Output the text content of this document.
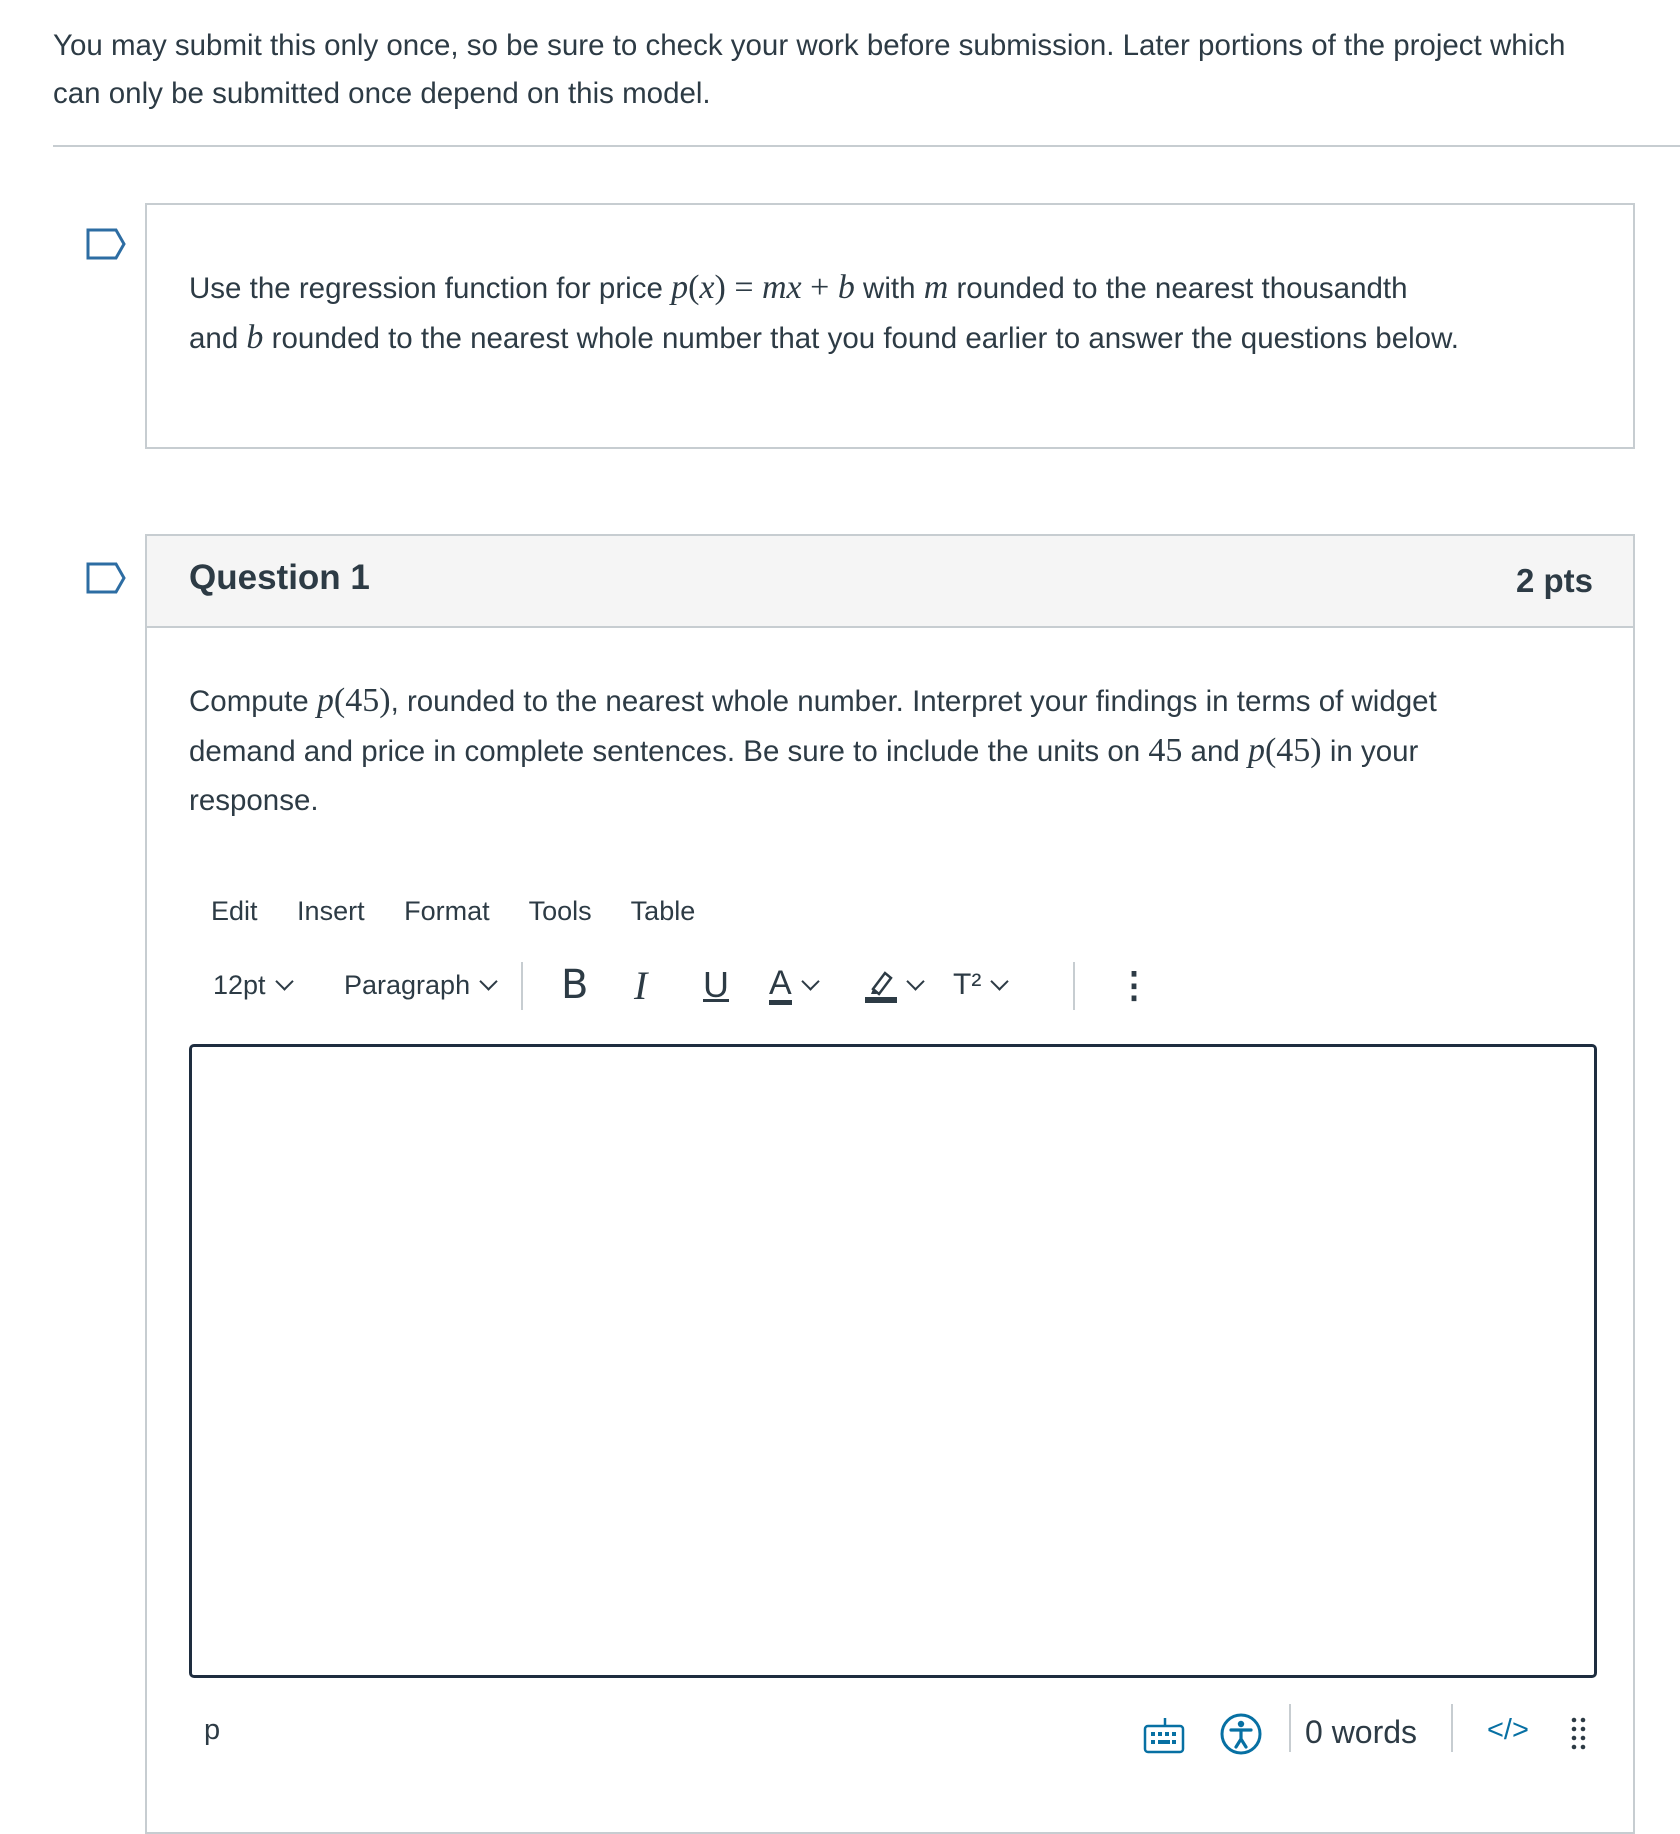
You may submit this only once, so be sure to check your work before submission. Later portions of the project which
can only be submitted once depend on this model.
Use the regression function for price p(x) = mx + b with m rounded to the nearest thousandth
and b rounded to the nearest whole number that you found earlier to answer the questions below.
Question 1	2 pts
Compute p(45), rounded to the nearest whole number. Interpret your findings in terms of widget
demand and price in complete sentences. Be sure to include the units on 45 and p(45) in your
response.
Edit Insert Format Tools Table
12pt	Paragraph B I U A	T²	⋮
p	0 words </>
